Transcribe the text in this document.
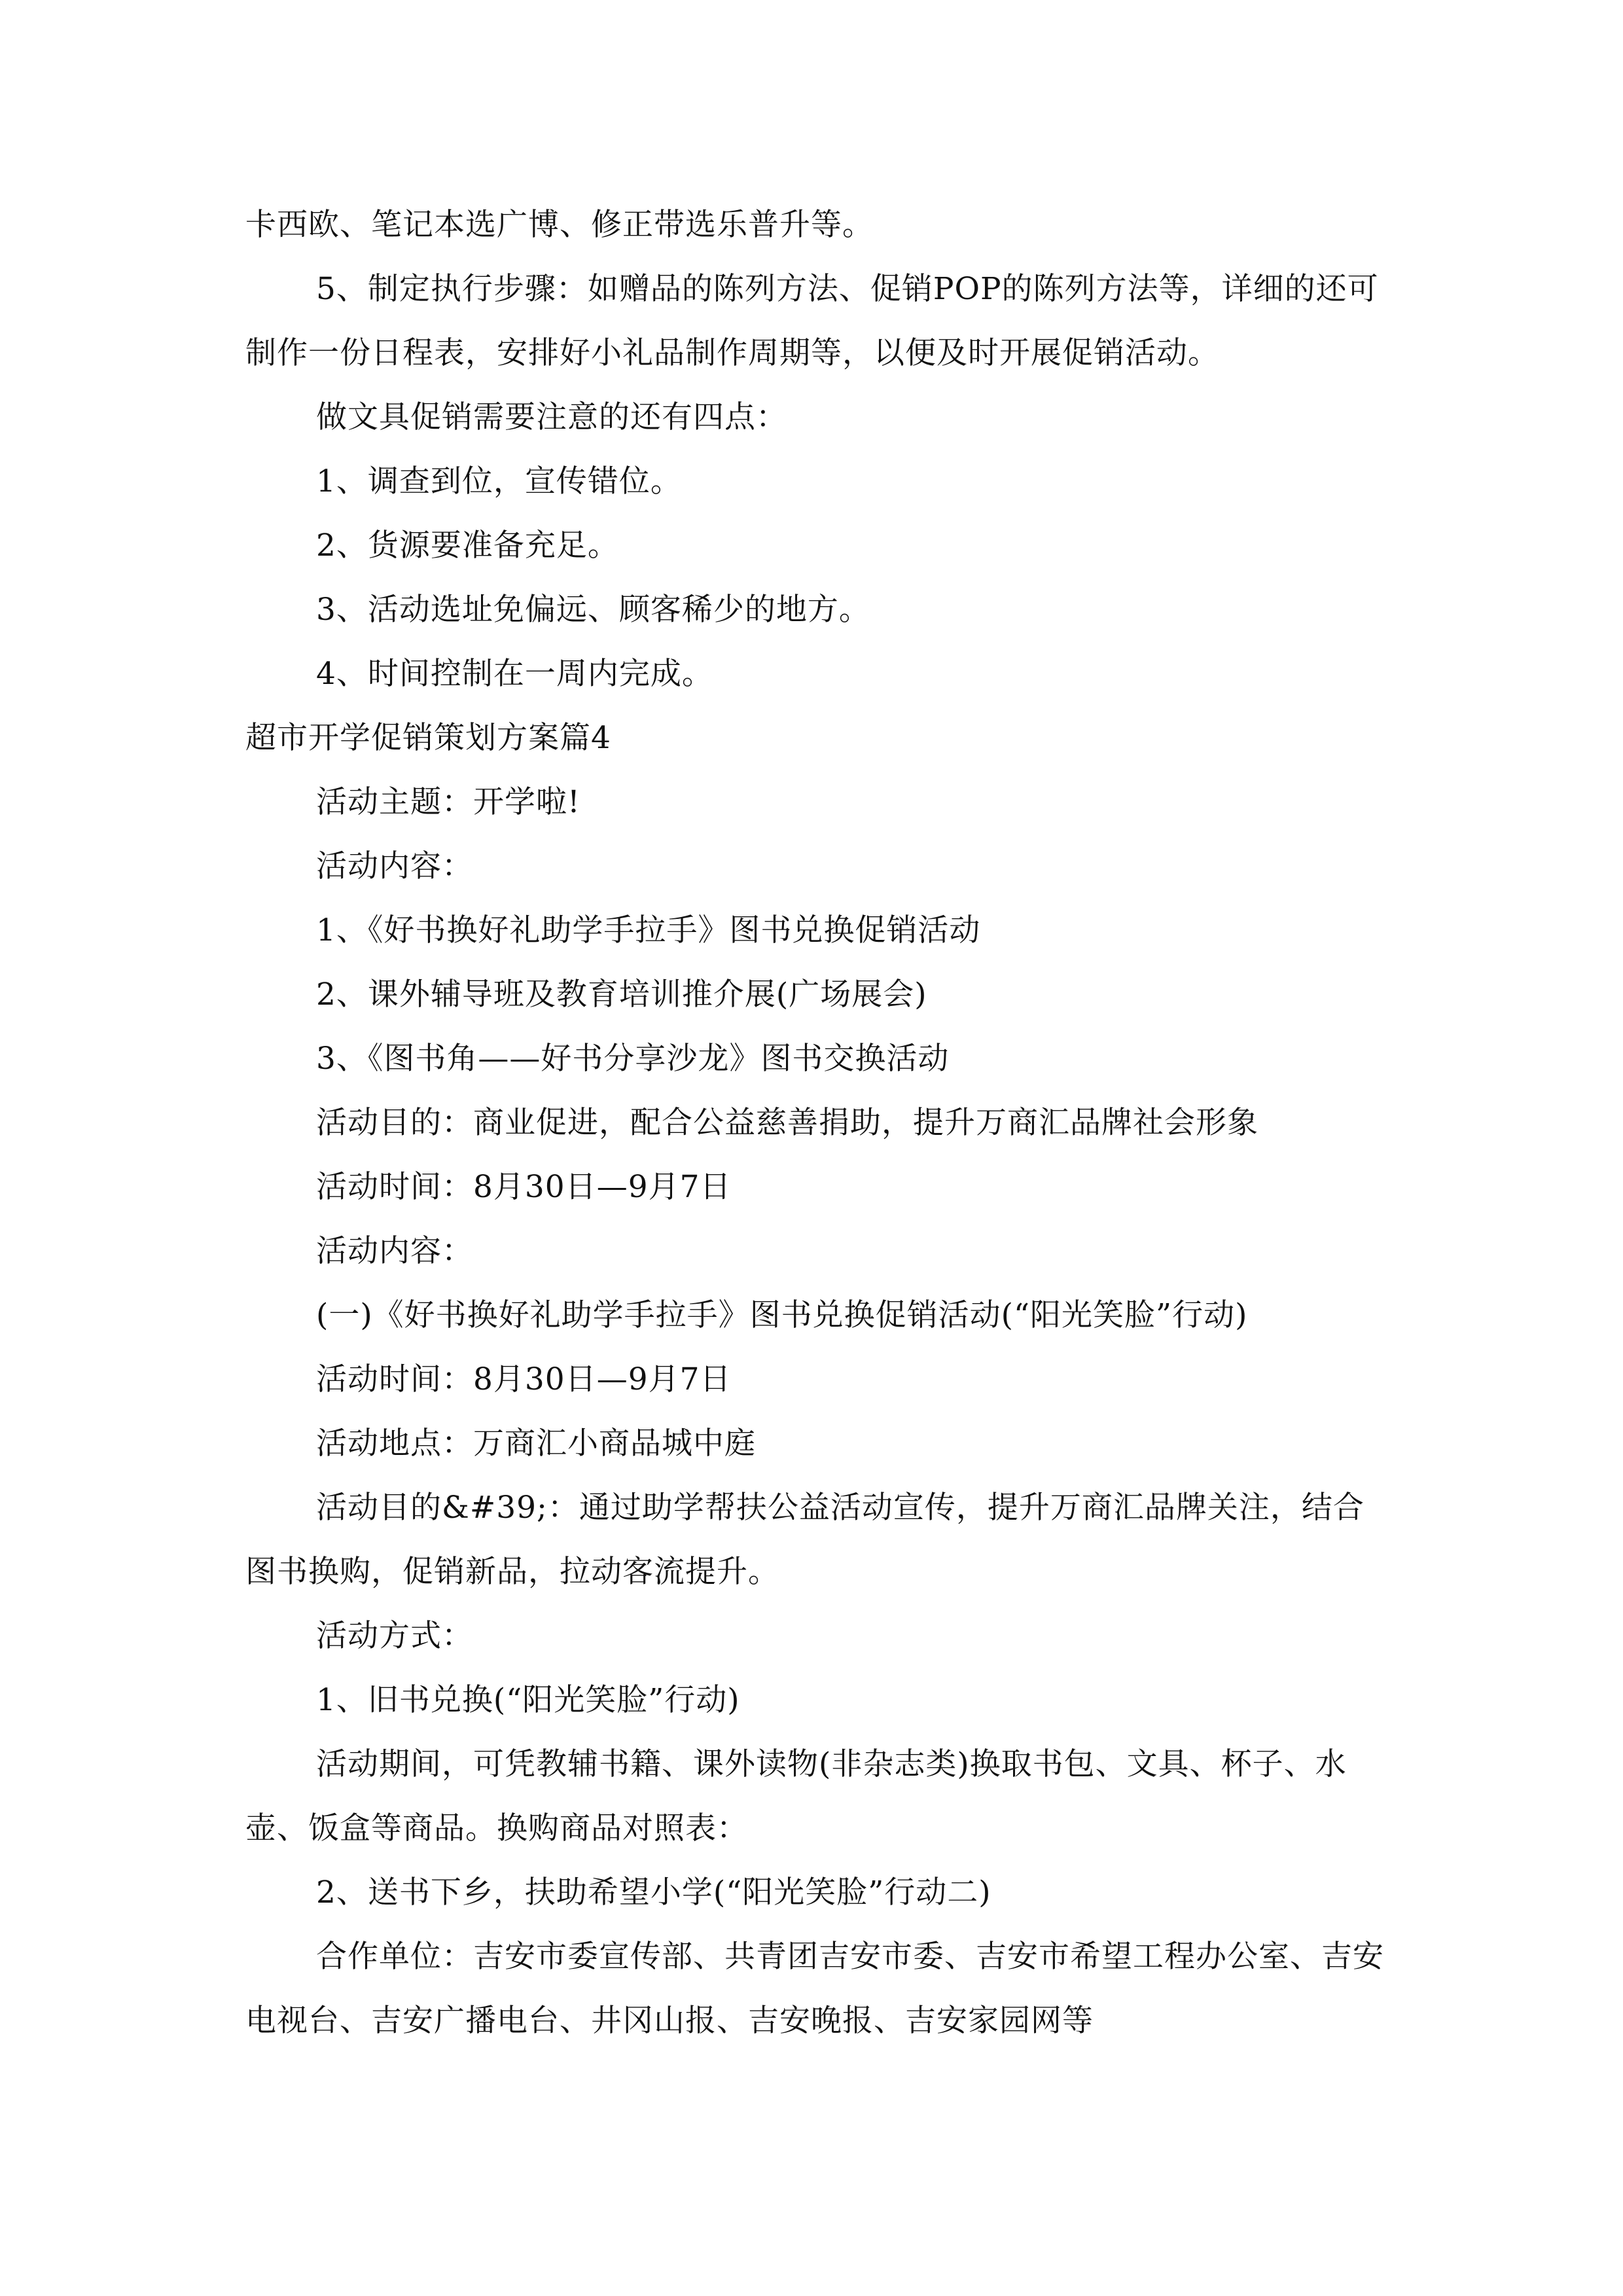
卡西欧、笔记本选广博、修正带选乐普升等。

5、制定执行步骤：如赠品的陈列方法、促销POP的陈列方法等，详细的还可制作一份日程表，安排好小礼品制作周期等，以便及时开展促销活动。

做文具促销需要注意的还有四点：

1、调查到位，宣传错位。

2、货源要准备充足。

3、活动选址免偏远、顾客稀少的地方。

4、时间控制在一周内完成。

超市开学促销策划方案篇4

活动主题：开学啦!

活动内容：

1、《好书换好礼助学手拉手》图书兑换促销活动

2、课外辅导班及教育培训推介展(广场展会)

3、《图书角——好书分享沙龙》图书交换活动

活动目的：商业促进，配合公益慈善捐助，提升万商汇品牌社会形象

活动时间：8月30日—9月7日

活动内容：

(一)《好书换好礼助学手拉手》图书兑换促销活动(“阳光笑脸”行动)

活动时间：8月30日—9月7日

活动地点：万商汇小商品城中庭

活动目的&#39;：通过助学帮扶公益活动宣传，提升万商汇品牌关注，结合图书换购，促销新品，拉动客流提升。

活动方式：

1、旧书兑换(“阳光笑脸”行动)

活动期间，可凭教辅书籍、课外读物(非杂志类)换取书包、文具、杯子、水壶、饭盒等商品。换购商品对照表：

2、送书下乡，扶助希望小学(“阳光笑脸”行动二)

合作单位：吉安市委宣传部、共青团吉安市委、吉安市希望工程办公室、吉安电视台、吉安广播电台、井冈山报、吉安晚报、吉安家园网等
